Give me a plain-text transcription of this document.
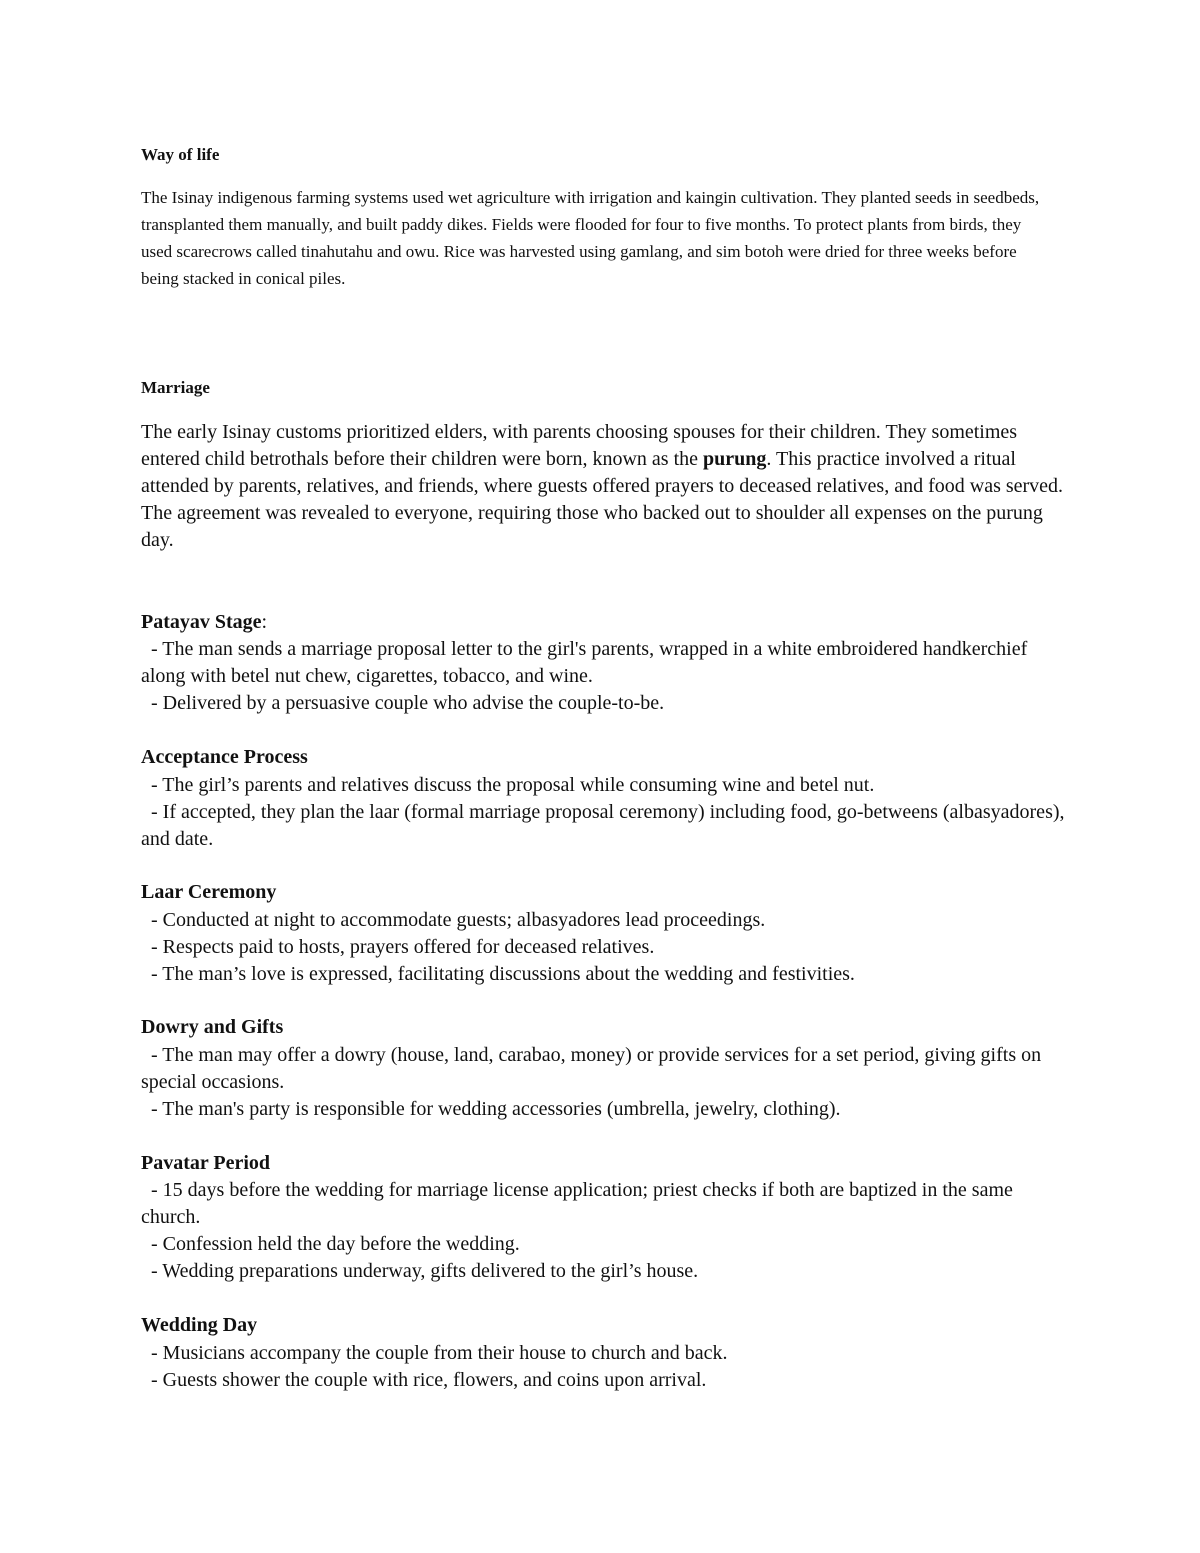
Way of life

The Isinay indigenous farming systems used wet agriculture with irrigation and kaingin cultivation. They planted seeds in seedbeds, transplanted them manually, and built paddy dikes. Fields were flooded for four to five months. To protect plants from birds, they used scarecrows called tinahutahu and owu. Rice was harvested using gamlang, and sim botoh were dried for three weeks before being stacked in conical piles.

Marriage

The early Isinay customs prioritized elders, with parents choosing spouses for their children. They sometimes entered child betrothals before their children were born, known as the purung. This practice involved a ritual attended by parents, relatives, and friends, where guests offered prayers to deceased relatives, and food was served. The agreement was revealed to everyone, requiring those who backed out to shoulder all expenses on the purung day.

Patayav Stage:
- The man sends a marriage proposal letter to the girl's parents, wrapped in a white embroidered handkerchief along with betel nut chew, cigarettes, tobacco, and wine.
- Delivered by a persuasive couple who advise the couple-to-be.
Acceptance Process
- The girl’s parents and relatives discuss the proposal while consuming wine and betel nut.
- If accepted, they plan the laar (formal marriage proposal ceremony) including food, go-betweens (albasyadores), and date.
Laar Ceremony
- Conducted at night to accommodate guests; albasyadores lead proceedings.
- Respects paid to hosts, prayers offered for deceased relatives.
- The man’s love is expressed, facilitating discussions about the wedding and festivities.
Dowry and Gifts
- The man may offer a dowry (house, land, carabao, money) or provide services for a set period, giving gifts on special occasions.
- The man's party is responsible for wedding accessories (umbrella, jewelry, clothing).
Pavatar Period
- 15 days before the wedding for marriage license application; priest checks if both are baptized in the same church.
- Confession held the day before the wedding.
- Wedding preparations underway, gifts delivered to the girl’s house.
Wedding Day
- Musicians accompany the couple from their house to church and back.
- Guests shower the couple with rice, flowers, and coins upon arrival.
